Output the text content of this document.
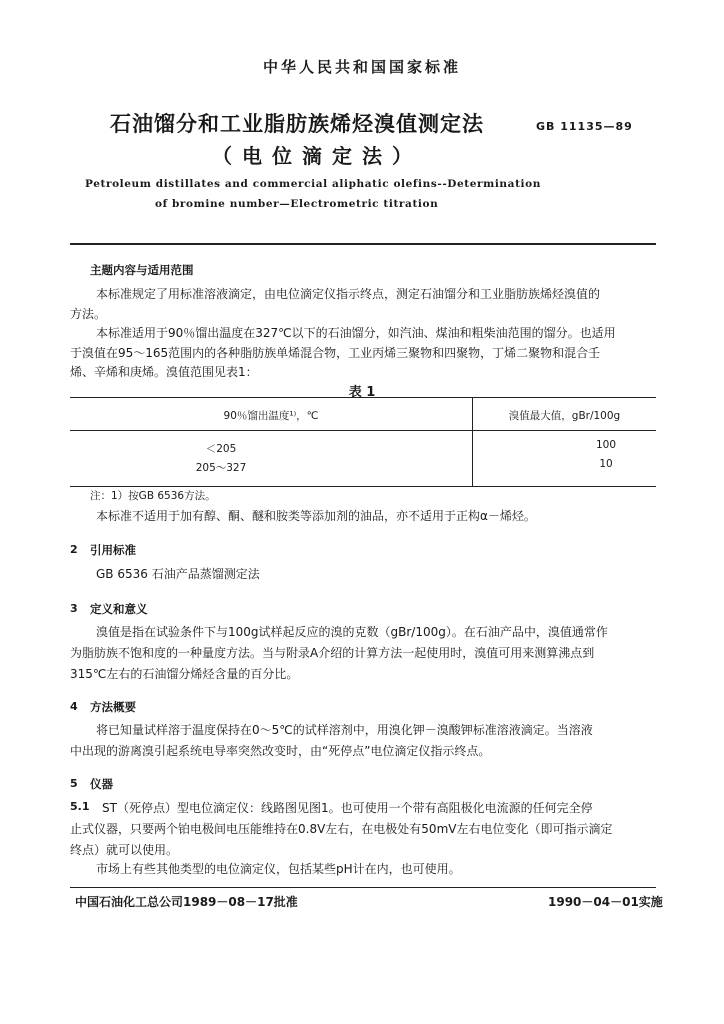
中华人民共和国国家标准
石油馏分和工业脂肪族烯烃溴值测定法	GB 11135—89
（电位滴定法）
Petroleum distillates and commercial aliphatic olefins--Determination
of bromine number—Electrometric titration
主题内容与适用范围
本标准规定了用标准溶液滴定，由电位滴定仪指示终点，测定石油馏分和工业脂肪族烯烃溴值的
方法。
本标准适用于90％馏出温度在327℃以下的石油馏分，如汽油、煤油和粗柴油范围的馏分。也适用
于溴值在95～165范围内的各种脂肪族单烯混合物，工业丙烯三聚物和四聚物，丁烯二聚物和混合壬
烯、辛烯和庚烯。溴值范围见表1：
表 1
90％馏出温度¹⁾，℃	溴值最大值，gBr/100g
＜205	100
205～327	10
注：1）按GB 6536方法。
本标准不适用于加有醇、酮、醚和胺类等添加剂的油品，亦不适用于正构α－烯烃。
2 引用标准
GB 6536 石油产品蒸馏测定法
3 定义和意义
溴值是指在试验条件下与100g试样起反应的溴的克数（gBr/100g）。在石油产品中，溴值通常作
为脂肪族不饱和度的一种量度方法。当与附录A介绍的计算方法一起使用时，溴值可用来测算沸点到
315℃左右的石油馏分烯烃含量的百分比。
4 方法概要
将已知量试样溶于温度保持在0～5℃的试样溶剂中，用溴化钾－溴酸钾标准溶液滴定。当溶液
中出现的游离溴引起系统电导率突然改变时，由“死停点”电位滴定仪指示终点。
5 仪器
5.1 ST（死停点）型电位滴定仪：线路图见图1。也可使用一个带有高阻极化电流源的任何完全停
止式仪器，只要两个铂电极间电压能维持在0.8V左右，在电极处有50mV左右电位变化（即可指示滴定
终点）就可以使用。
市场上有些其他类型的电位滴定仪，包括某些pH计在内，也可使用。
中国石油化工总公司1989－08－17批准	1990－04－01实施
